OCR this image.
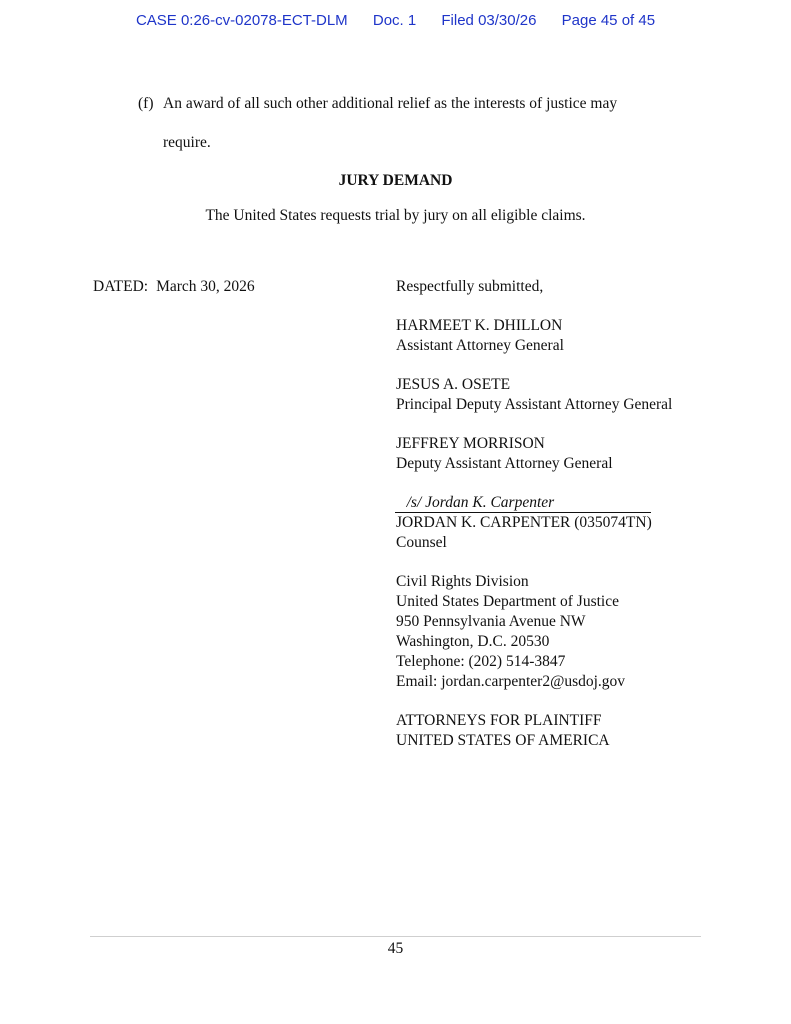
CASE 0:26-cv-02078-ECT-DLM Doc. 1 Filed 03/30/26 Page 45 of 45
(f) An award of all such other additional relief as the interests of justice may
require.
JURY DEMAND
The United States requests trial by jury on all eligible claims.
DATED: March 30, 2026	Respectfully submitted,
HARMEET K. DHILLON
Assistant Attorney General
JESUS A. OSETE
Principal Deputy Assistant Attorney General
JEFFREY MORRISON
Deputy Assistant Attorney General
/s/ Jordan K. Carpenter
JORDAN K. CARPENTER (035074TN)
Counsel
Civil Rights Division
United States Department of Justice
950 Pennsylvania Avenue NW
Washington, D.C. 20530
Telephone: (202) 514-3847
Email: jordan.carpenter2@usdoj.gov
ATTORNEYS FOR PLAINTIFF
UNITED STATES OF AMERICA
45
